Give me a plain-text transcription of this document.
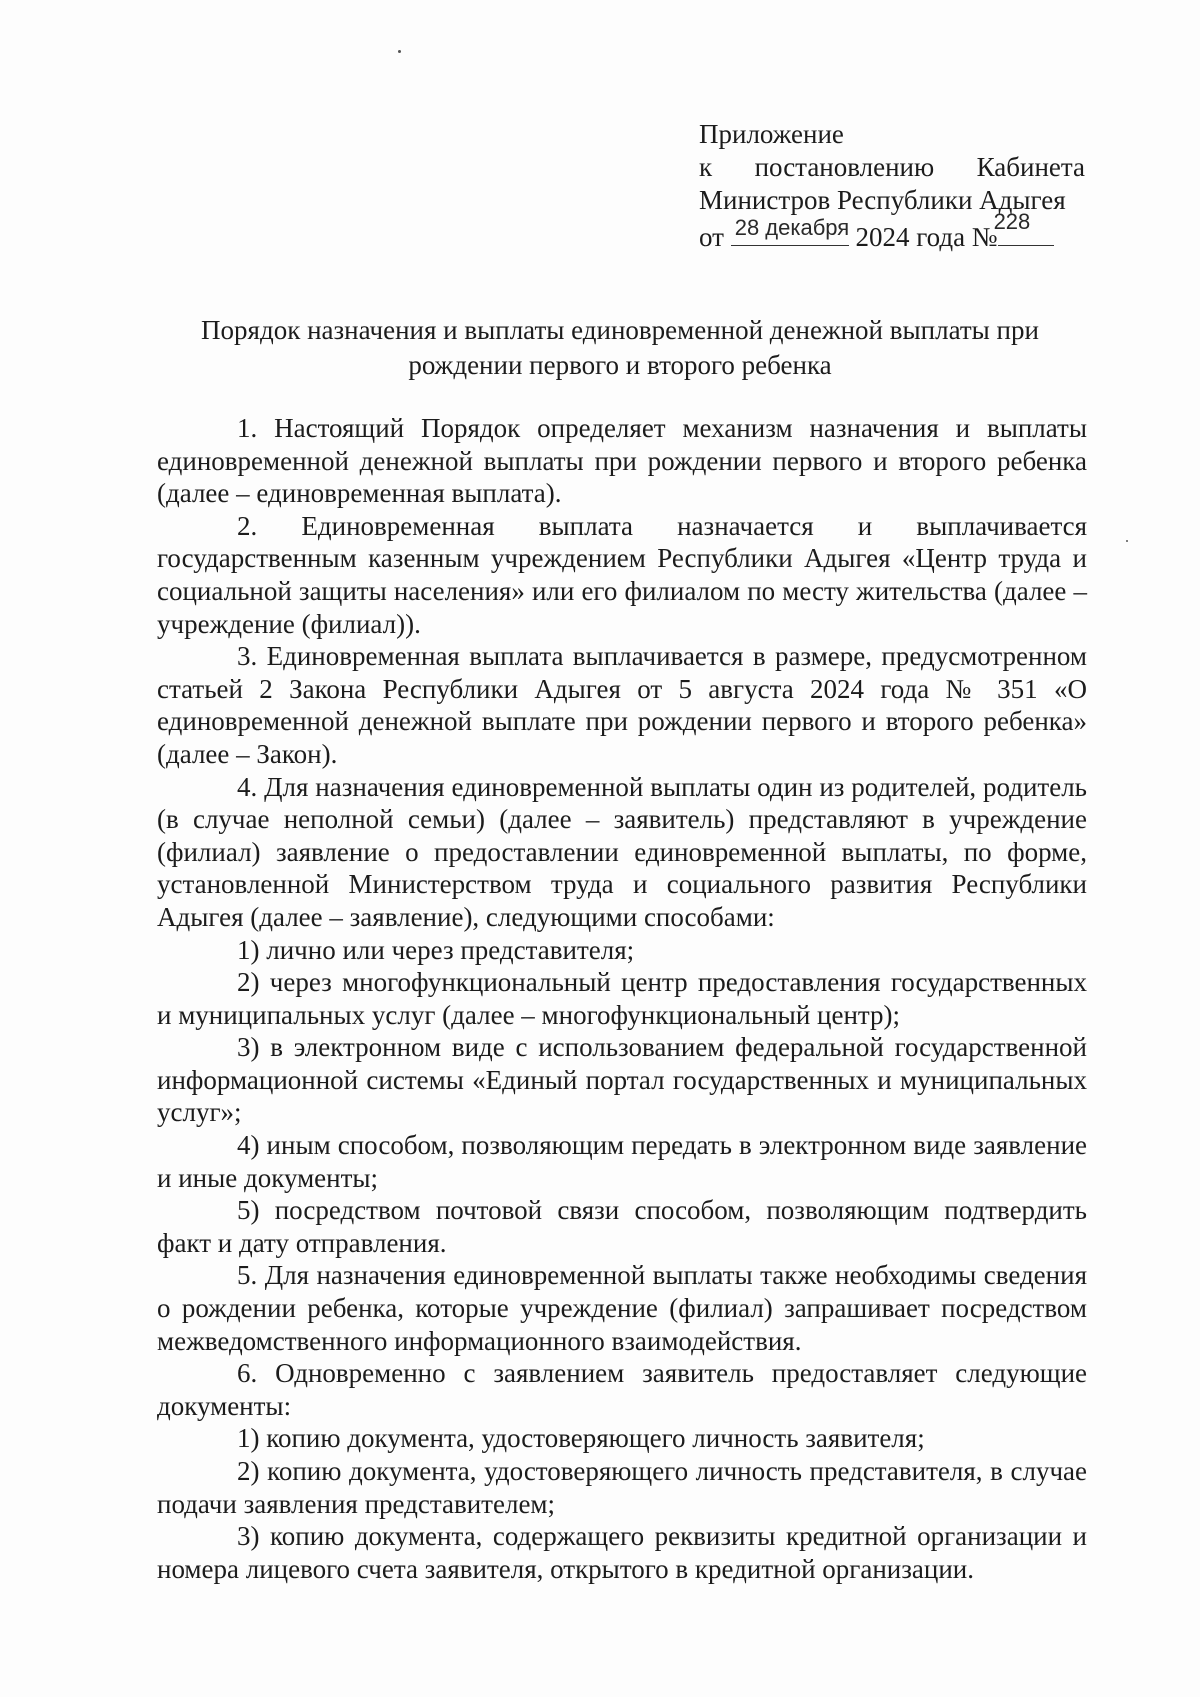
Приложение
к постановлению Кабинета
Министров Республики Адыгея
от 28 декабря 2024 года №
228
Порядок назначения и выплаты единовременной денежной выплаты при
рождении первого и второго ребенка

1. Настоящий Порядок определяет механизм назначения и выплаты единовременной денежной выплаты при рождении первого и второго ребенка (далее – единовременная выплата).

2. Единовременная выплата назначается и выплачивается государственным казенным учреждением Республики Адыгея «Центр труда и социальной защиты населения» или его филиалом по месту жительства (далее – учреждение (филиал)).

3. Единовременная выплата выплачивается в размере, предусмотренном статьей 2 Закона Республики Адыгея от 5 августа 2024 года № 351 «О единовременной денежной выплате при рождении первого и второго ребенка» (далее – Закон).

4. Для назначения единовременной выплаты один из родителей, родитель (в случае неполной семьи) (далее – заявитель) представляют в учреждение (филиал) заявление о предоставлении единовременной выплаты, по форме, установленной Министерством труда и социального развития Республики Адыгея (далее – заявление), следующими способами:

1) лично или через представителя;

2) через многофункциональный центр предоставления государственных и муниципальных услуг (далее – многофункциональный центр);

3) в электронном виде с использованием федеральной государственной информационной системы «Единый портал государственных и муниципальных услуг»;

4) иным способом, позволяющим передать в электронном виде заявление и иные документы;

5) посредством почтовой связи способом, позволяющим подтвердить факт и дату отправления.

5. Для назначения единовременной выплаты также необходимы сведения о рождении ребенка, которые учреждение (филиал) запрашивает посредством межведомственного информационного взаимодействия.

6. Одновременно с заявлением заявитель предоставляет следующие документы:

1) копию документа, удостоверяющего личность заявителя;

2) копию документа, удостоверяющего личность представителя, в случае подачи заявления представителем;

3) копию документа, содержащего реквизиты кредитной организации и номера лицевого счета заявителя, открытого в кредитной организации.
